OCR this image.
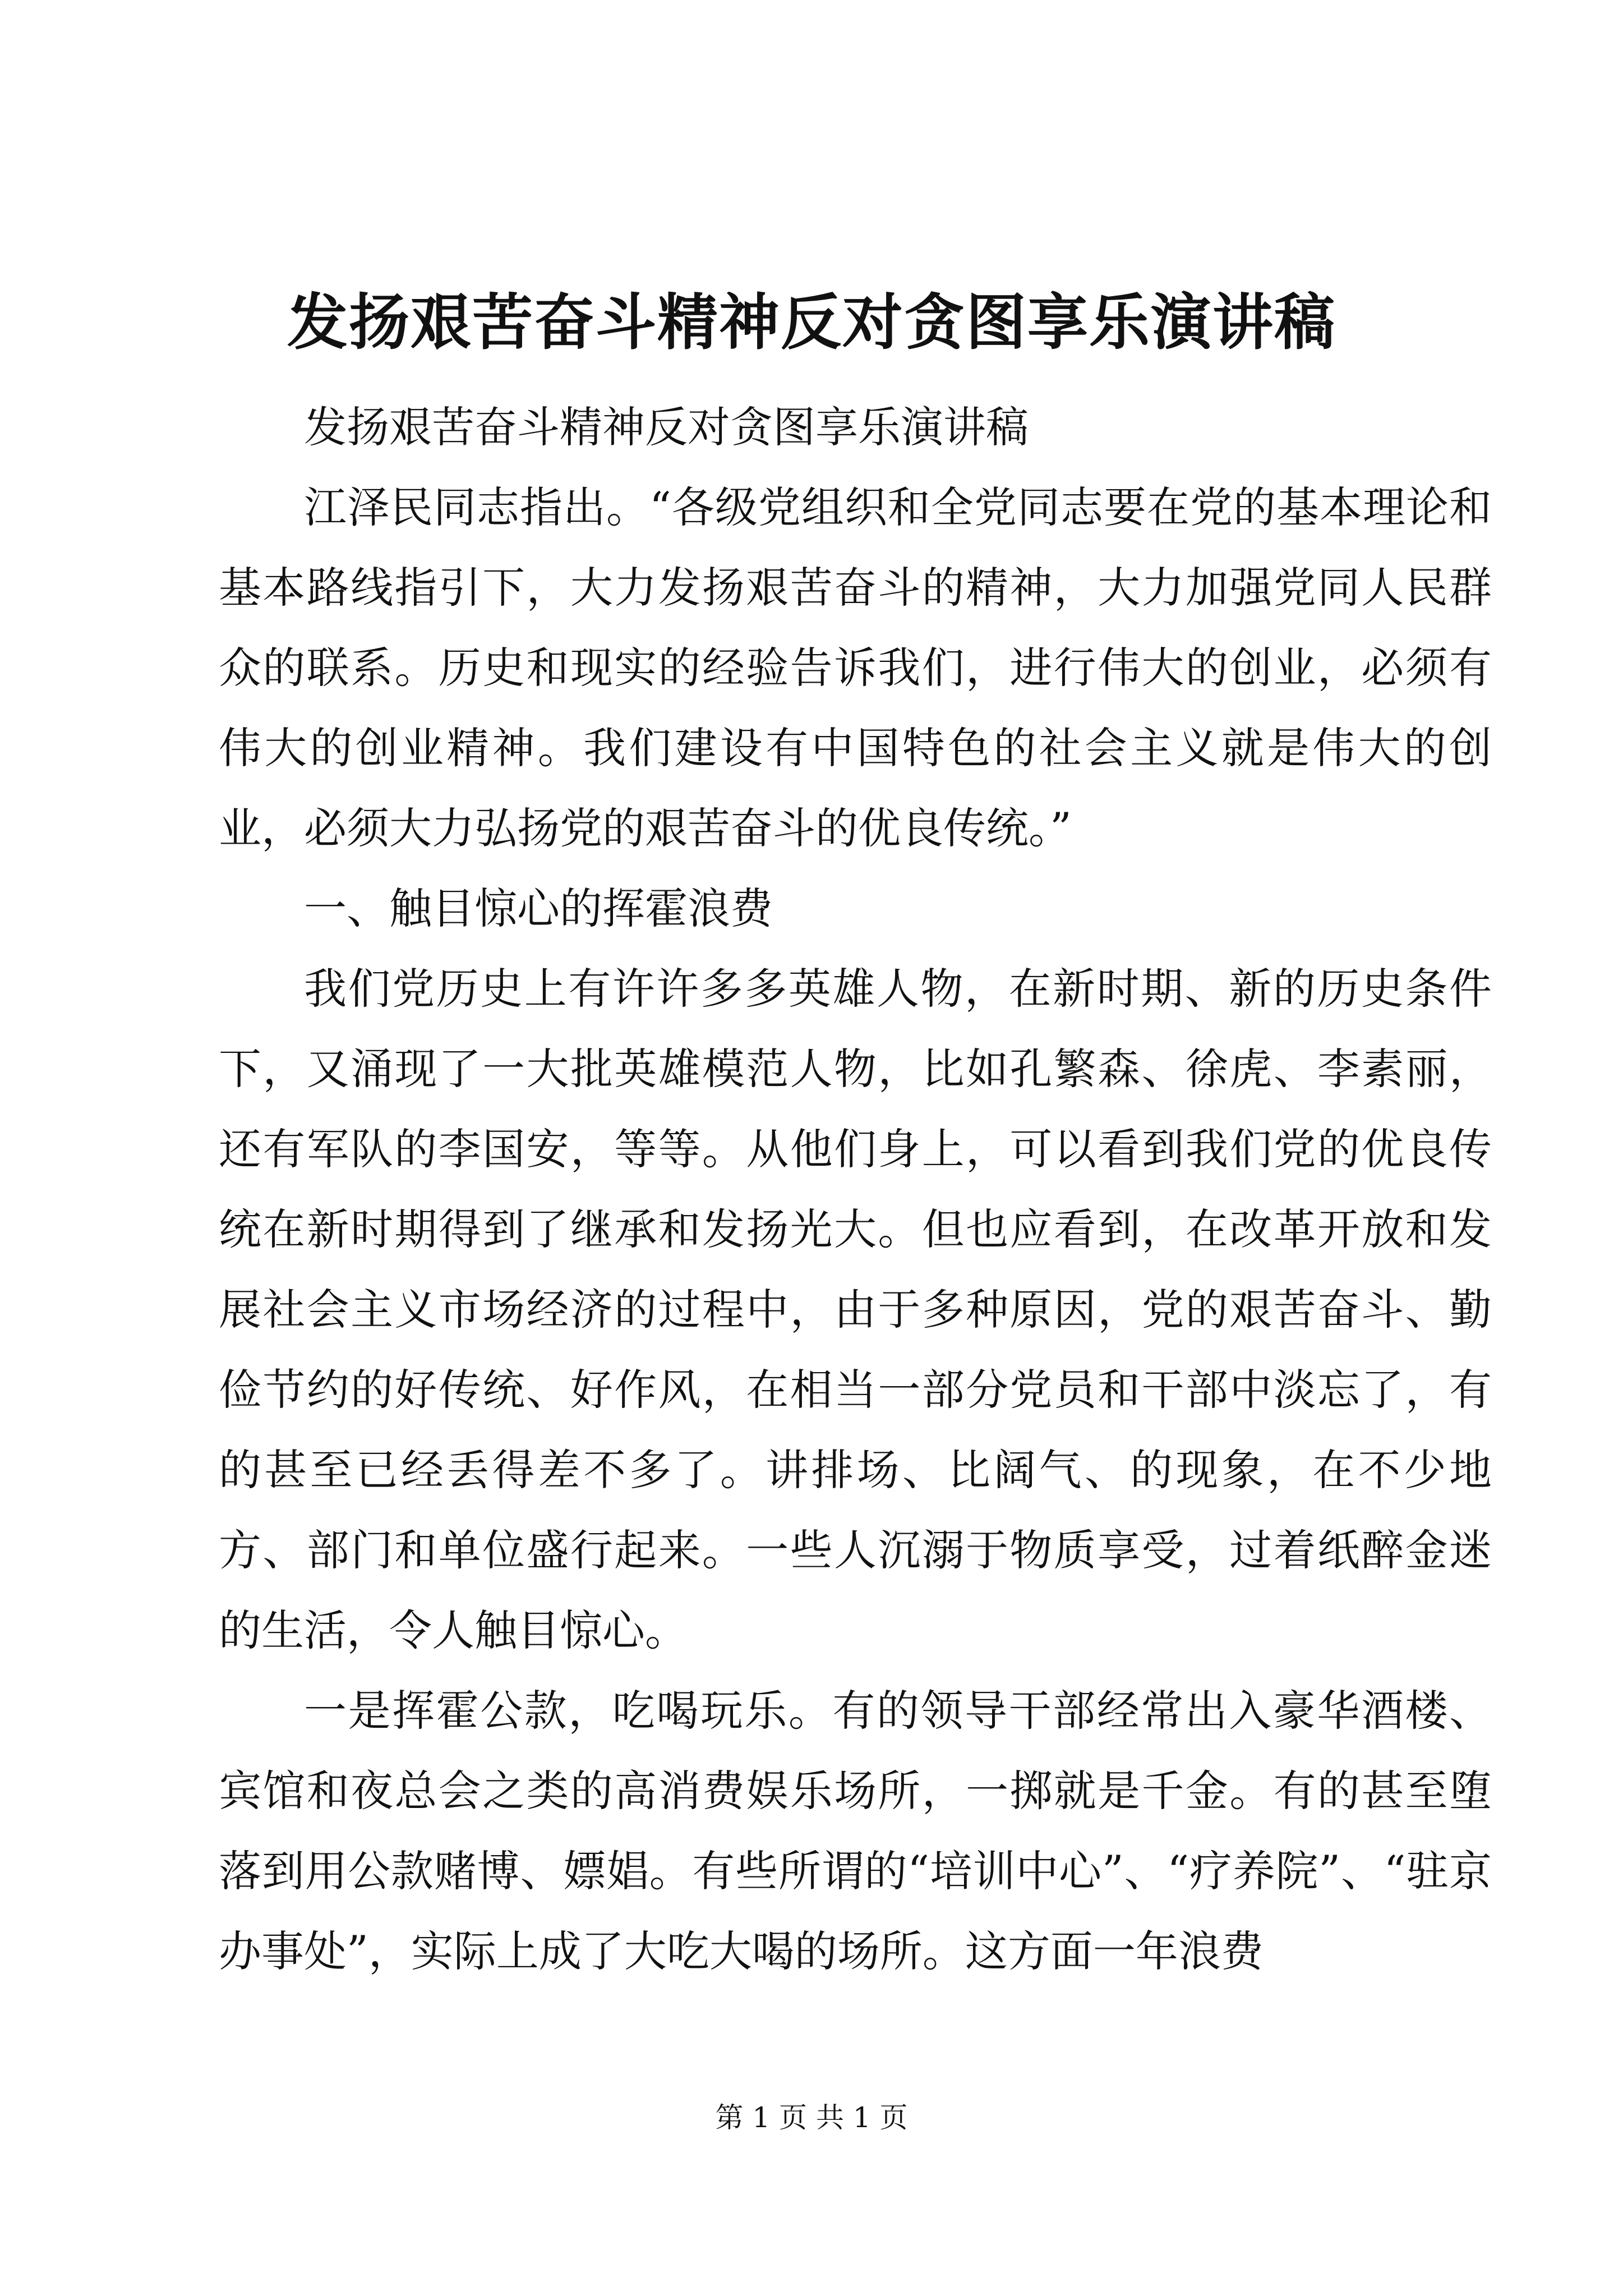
发扬艰苦奋斗精神反对贪图享乐演讲稿

发扬艰苦奋斗精神反对贪图享乐演讲稿

江泽民同志指出。“各级党组织和全党同志要在党的基本理论和基本路线指引下，大力发扬艰苦奋斗的精神，大力加强党同人民群众的联系。历史和现实的经验告诉我们，进行伟大的创业，必须有伟大的创业精神。我们建设有中国特色的社会主义就是伟大的创业，必须大力弘扬党的艰苦奋斗的优良传统。”

一、触目惊心的挥霍浪费

我们党历史上有许许多多英雄人物，在新时期、新的历史条件下，又涌现了一大批英雄模范人物，比如孔繁森、徐虎、李素丽，还有军队的李国安，等等。从他们身上，可以看到我们党的优良传统在新时期得到了继承和发扬光大。但也应看到，在改革开放和发展社会主义市场经济的过程中，由于多种原因，党的艰苦奋斗、勤俭节约的好传统、好作风，在相当一部分党员和干部中淡忘了，有的甚至已经丢得差不多了。讲排场、比阔气、的现象，在不少地方、部门和单位盛行起来。一些人沉溺于物质享受，过着纸醉金迷的生活，令人触目惊心。

一是挥霍公款，吃喝玩乐。有的领导干部经常出入豪华酒楼、宾馆和夜总会之类的高消费娱乐场所，一掷就是千金。有的甚至堕落到用公款赌博、嫖娼。有些所谓的“培训中心”、“疗养院”、“驻京办事处”，实际上成了大吃大喝的场所。这方面一年浪费

第 1 页 共 1 页
